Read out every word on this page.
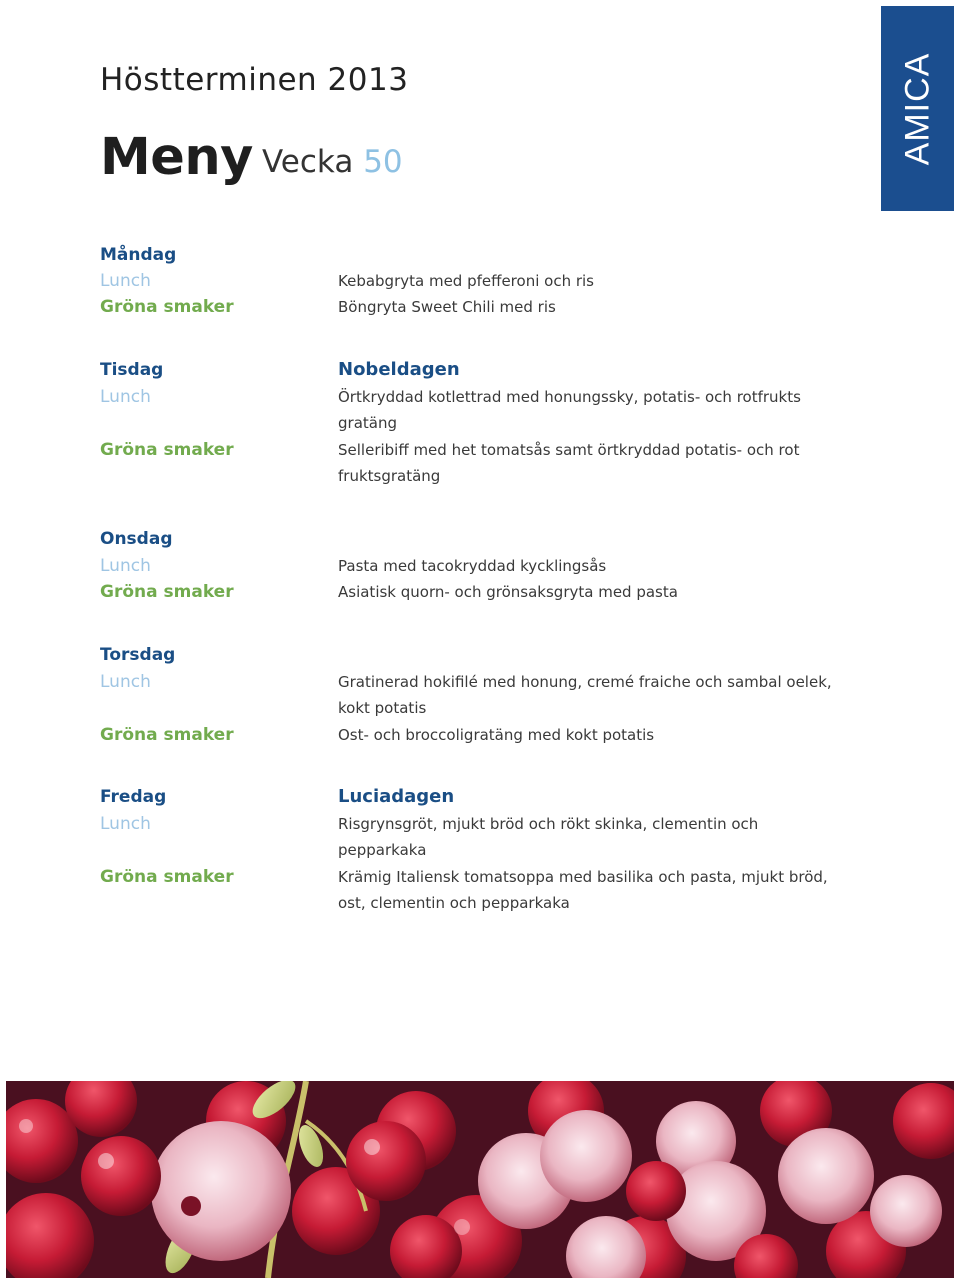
AMICA
Höstterminen 2013
Meny Vecka 50
Måndag
Lunch	Kebabgryta med pfefferoni och ris
Gröna smaker	Böngryta Sweet Chili med ris
Tisdag	Nobeldagen
Lunch	Örtkryddad kotlettrad med honungssky, potatis- och rotfrukts
gratäng
Gröna smaker	Selleribiff med het tomatsås samt örtkryddad potatis- och rot
fruktsgratäng
Onsdag
Lunch	Pasta med tacokryddad kycklingsås
Gröna smaker	Asiatisk quorn- och grönsaksgryta med pasta
Torsdag
Lunch	Gratinerad hokifilé med honung, cremé fraiche och sambal oelek,
kokt potatis
Gröna smaker	Ost- och broccoligratäng med kokt potatis
Fredag	Luciadagen
Lunch	Risgrynsgröt, mjukt bröd och rökt skinka, clementin och
pepparkaka
Gröna smaker	Krämig Italiensk tomatsoppa med basilika och pasta, mjukt bröd,
ost, clementin och pepparkaka
